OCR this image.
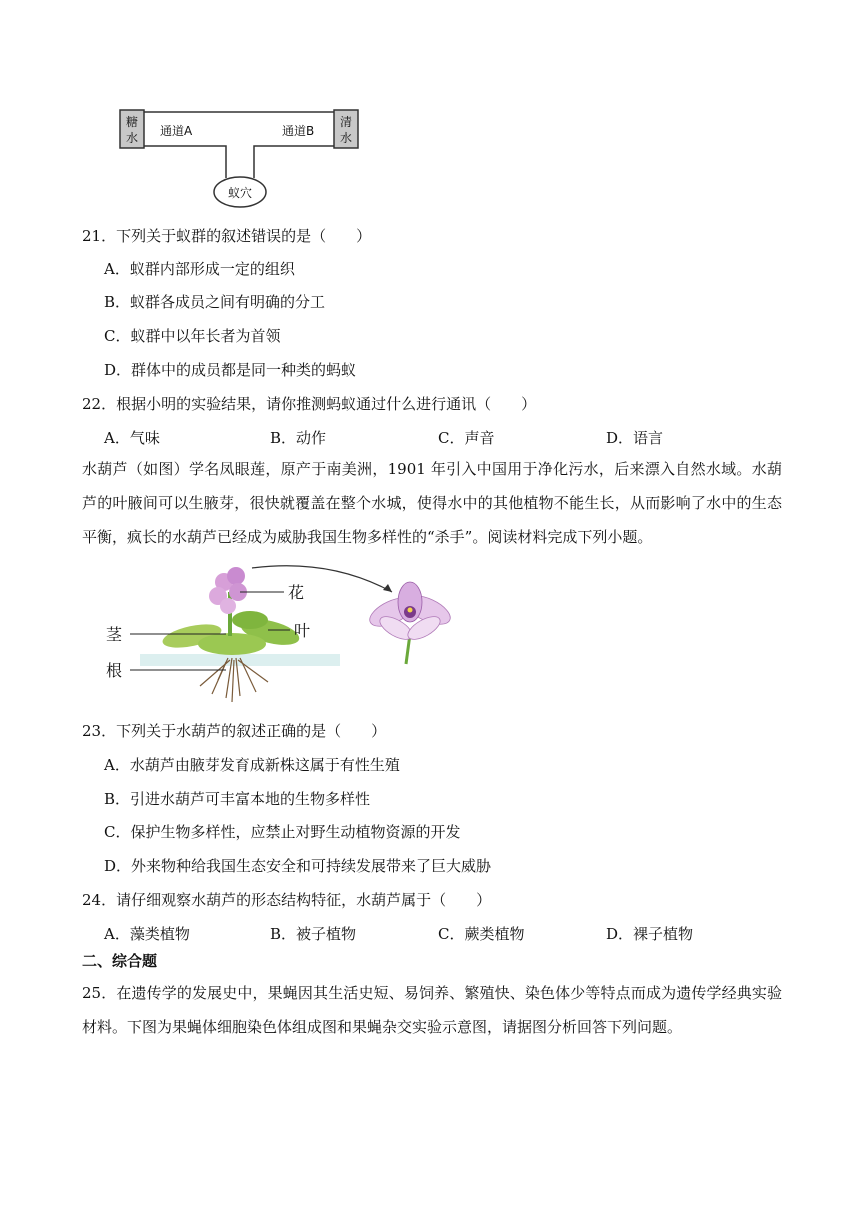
糖
水
清
水
蚁穴
通道A	通道B
21．下列关于蚁群的叙述错误的是（　　）
A．蚁群内部形成一定的组织
B．蚁群各成员之间有明确的分工
C．蚁群中以年长者为首领
D．群体中的成员都是同一种类的蚂蚁
22．根据小明的实验结果，请你推测蚂蚁通过什么进行通讯（　　）
A．气味	B．动作	C．声音	D．语言
水葫芦（如图）学名凤眼莲，原产于南美洲，1901 年引入中国用于净化污水，后来漂入自然水域。水葫芦的叶腋间可以生腋芽，很快就覆盖在整个水城，使得水中的其他植物不能生长，从而影响了水中的生态平衡，疯长的水葫芦已经成为威胁我国生物多样性的“杀手”。阅读材料完成下列小题。
花
茎	叶
根
23．下列关于水葫芦的叙述正确的是（　　）
A．水葫芦由腋芽发育成新株这属于有性生殖
B．引进水葫芦可丰富本地的生物多样性
C．保护生物多样性，应禁止对野生动植物资源的开发
D．外来物种给我国生态安全和可持续发展带来了巨大威胁
24．请仔细观察水葫芦的形态结构特征，水葫芦属于（　　）
A．藻类植物	B．被子植物	C．蕨类植物	D．裸子植物
二、综合题
25．在遗传学的发展史中，果蝇因其生活史短、易饲养、繁殖快、染色体少等特点而成为遗传学经典实验材料。下图为果蝇体细胞染色体组成图和果蝇杂交实验示意图，请据图分析回答下列问题。
